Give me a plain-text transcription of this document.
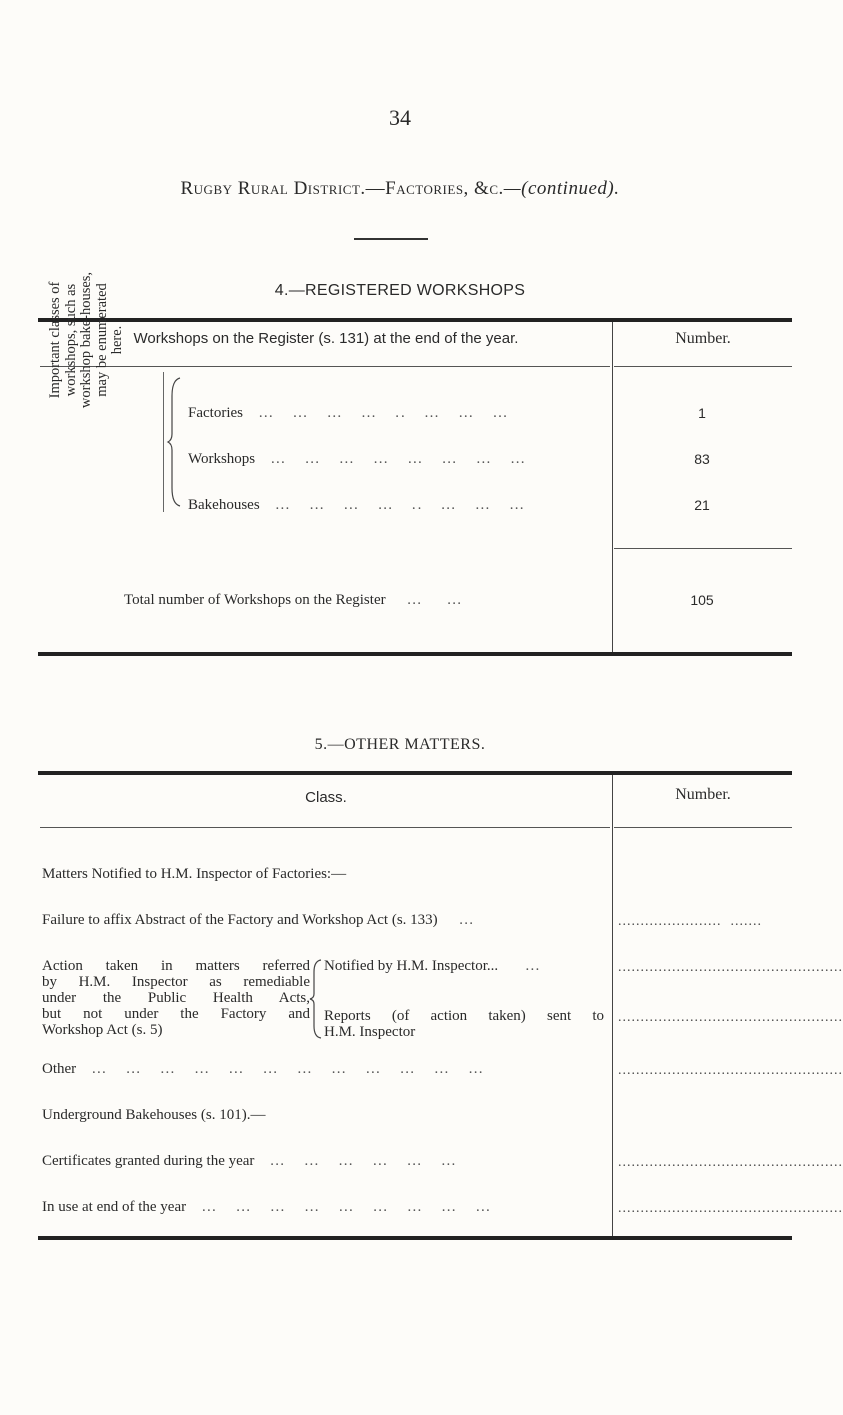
34
Rugby Rural District.—Factories, &c.—(continued).
4.—REGISTERED WORKSHOPS
Workshops on the Register (s. 131) at the end of the year.	Number.
Important classes of workshops, such as workshop bake-houses, may be enumerated here.
Factories   …   …   …   …   ..   …   …   …	1
Workshops   …   …   …   …   …   …   …   …	83
Bakehouses   …   …   …   …   ..   …   …   …	21
Total number of Workshops on the Register    …    …	105
5.—OTHER MATTERS.
Class.	Number.
Matters Notified to H.M. Inspector of Factories:—
Failure to affix Abstract of the Factory and Workshop Act (s. 133)    …	.......................  .......
Action taken in matters referred
by H.M. Inspector as remediable
under the Public Health Acts,
but not under the Factory and
Workshop Act (s. 5)
Notified by H.M. Inspector...     …	..................................................
Reports (of action taken) sent to
H.M. Inspector
..................................................
Other   …   …   …   …   …   …   …   …   …   …   …   …	..................................................
Underground Bakehouses (s. 101).—
Certificates granted during the year   …   …   …   …   …   …	..................................................
In use at end of the year   …   …   …   …   …   …   …   …   …	..................................................
